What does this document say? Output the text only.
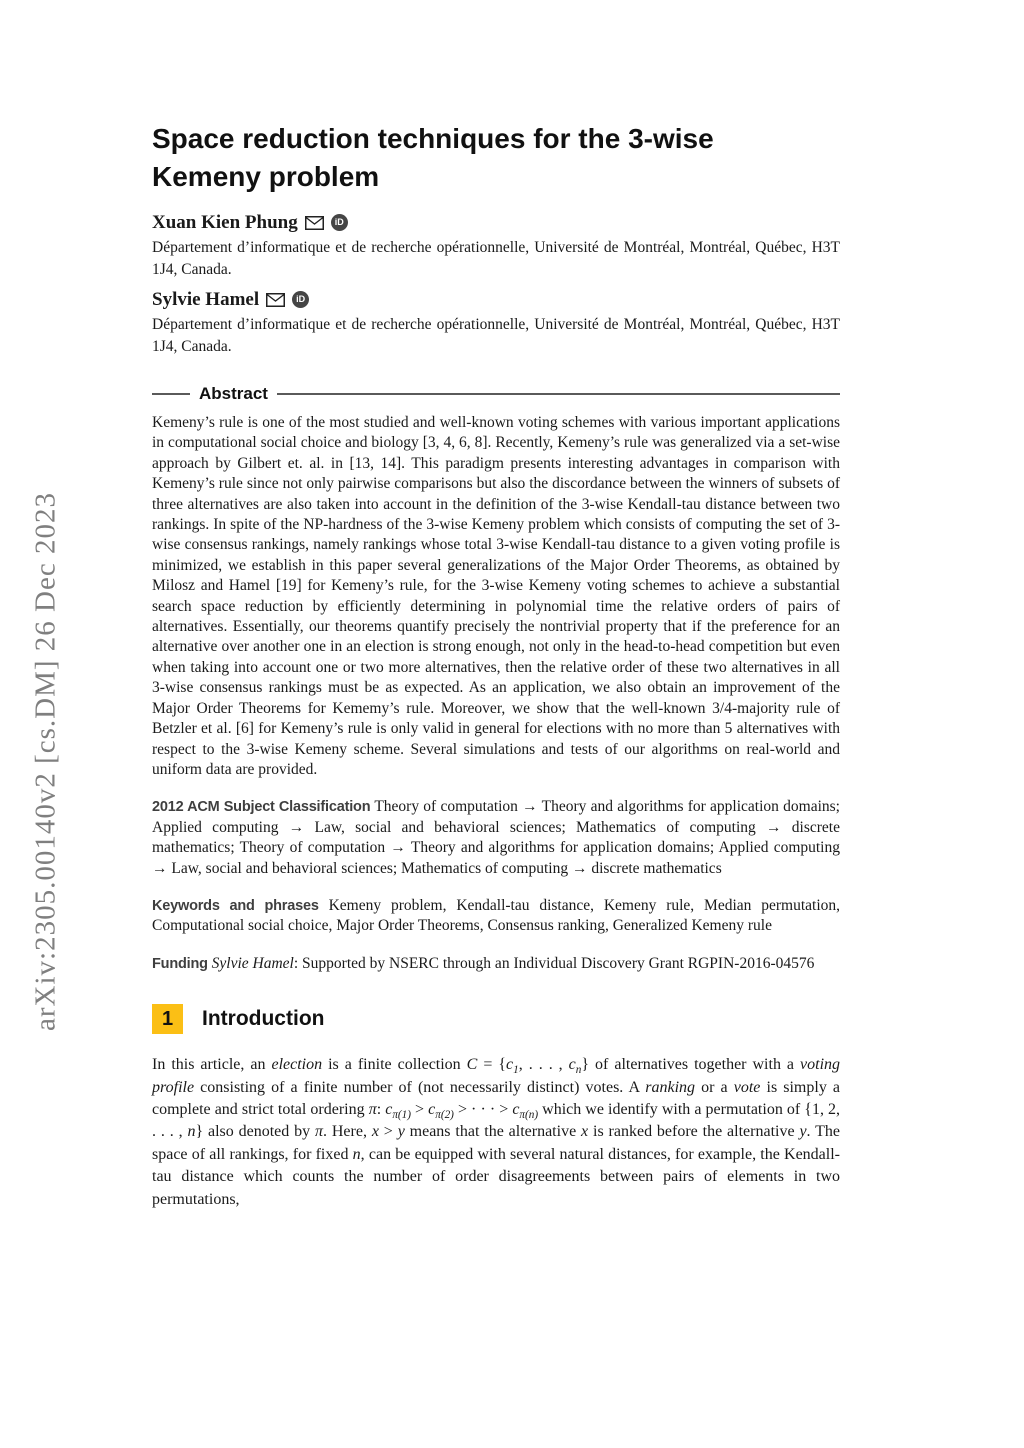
arXiv:2305.00140v2 [cs.DM] 26 Dec 2023
Space reduction techniques for the 3-wise Kemeny problem
Xuan Kien Phung	iD
Département d’informatique et de recherche opérationnelle, Université de Montréal, Montréal, Québec, H3T 1J4, Canada.
Sylvie Hamel	iD
Département d’informatique et de recherche opérationnelle, Université de Montréal, Montréal, Québec, H3T 1J4, Canada.
Abstract

Kemeny’s rule is one of the most studied and well-known voting schemes with various important applications in computational social choice and biology [3, 4, 6, 8]. Recently, Kemeny’s rule was generalized via a set-wise approach by Gilbert et. al. in [13, 14]. This paradigm presents interesting advantages in comparison with Kemeny’s rule since not only pairwise comparisons but also the discordance between the winners of subsets of three alternatives are also taken into account in the definition of the 3-wise Kendall-tau distance between two rankings. In spite of the NP-hardness of the 3-wise Kemeny problem which consists of computing the set of 3-wise consensus rankings, namely rankings whose total 3-wise Kendall-tau distance to a given voting profile is minimized, we establish in this paper several generalizations of the Major Order Theorems, as obtained by Milosz and Hamel [19] for Kemeny’s rule, for the 3-wise Kemeny voting schemes to achieve a substantial search space reduction by efficiently determining in polynomial time the relative orders of pairs of alternatives. Essentially, our theorems quantify precisely the nontrivial property that if the preference for an alternative over another one in an election is strong enough, not only in the head-to-head competition but even when taking into account one or two more alternatives, then the relative order of these two alternatives in all 3-wise consensus rankings must be as expected. As an application, we also obtain an improvement of the Major Order Theorems for Kememy’s rule. Moreover, we show that the well-known 3/4-majority rule of Betzler et al. [6] for Kemeny’s rule is only valid in general for elections with no more than 5 alternatives with respect to the 3-wise Kemeny scheme. Several simulations and tests of our algorithms on real-world and uniform data are provided.

2012 ACM Subject Classification Theory of computation → Theory and algorithms for application domains; Applied computing → Law, social and behavioral sciences; Mathematics of computing → discrete mathematics; Theory of computation → Theory and algorithms for application domains; Applied computing → Law, social and behavioral sciences; Mathematics of computing → discrete mathematics

Keywords and phrases Kemeny problem, Kendall-tau distance, Kemeny rule, Median permutation, Computational social choice, Major Order Theorems, Consensus ranking, Generalized Kemeny rule

Funding Sylvie Hamel: Supported by NSERC through an Individual Discovery Grant RGPIN-2016-04576

1	Introduction

In this article, an election is a finite collection $C = \{c_1$, . . . , $c_n$} of alternatives together with a voting profile consisting of a finite number of (not necessarily distinct) votes. A ranking or a vote is simply a complete and strict total ordering π: $c_{\pi(1)} > c_{\pi(2)}$ > · · · > $c_{\pi(n)}$ which we identify with a permutation of {1, 2, . . . , n} also denoted by π. Here, x > y means that the alternative x is ranked before the alternative y. The space of all rankings, for fixed n, can be equipped with several natural distances, for example, the Kendall-tau distance which counts the number of order disagreements between pairs of elements in two permutations,
